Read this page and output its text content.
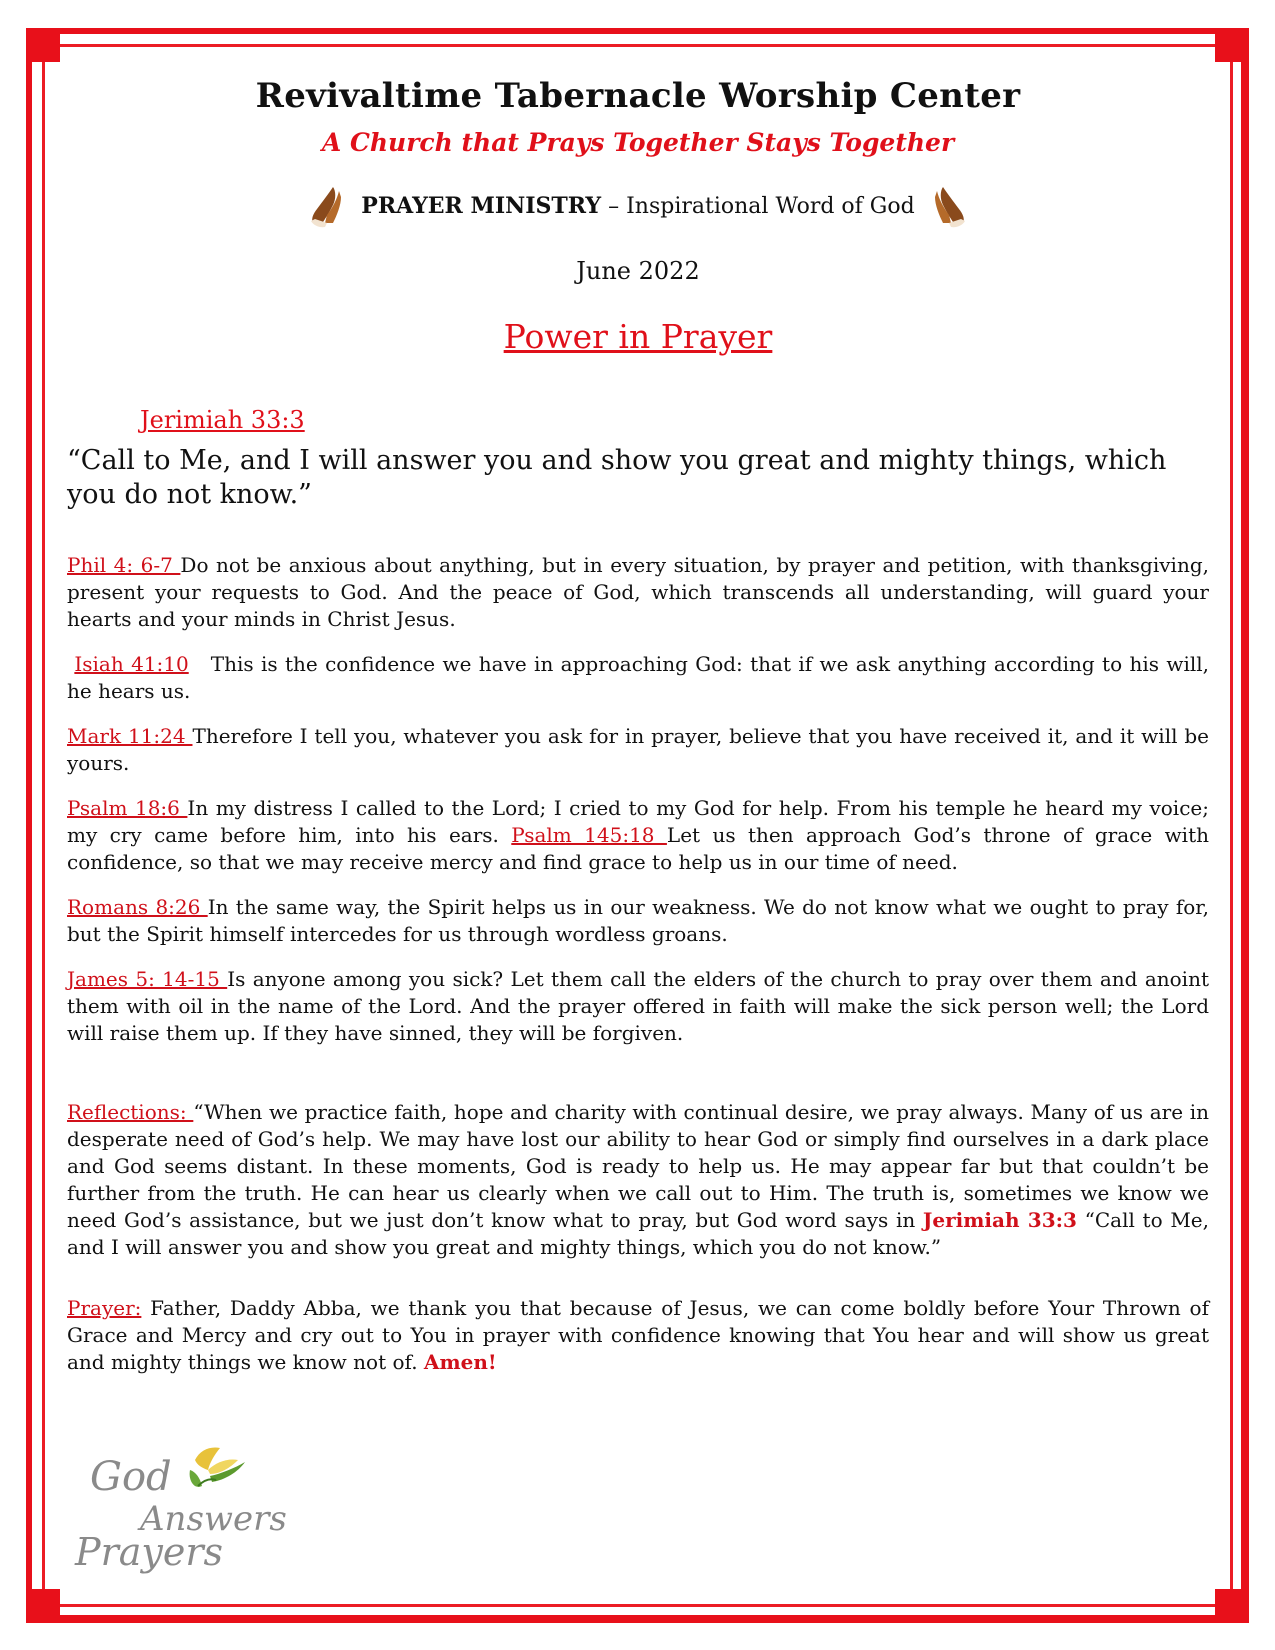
Revivaltime Tabernacle Worship Center
A Church that Prays Together Stays Together
PRAYER MINISTRY – Inspirational Word of God
June 2022
Power in Prayer
Jerimiah 33:3
“Call to Me, and I will answer you and show you great and mighty things, which you do not know.”
Phil 4: 6-7 Do not be anxious about anything, but in every situation, by prayer and petition, with thanksgiving, present your requests to God. And the peace of God, which transcends all understanding, will guard your hearts and your minds in Christ Jesus.
Isiah 41:10 This is the confidence we have in approaching God: that if we ask anything according to his will, he hears us.
Mark 11:24 Therefore I tell you, whatever you ask for in prayer, believe that you have received it, and it will be yours.
Psalm 18:6 In my distress I called to the Lord; I cried to my God for help. From his temple he heard my voice; my cry came before him, into his ears. Psalm 145:18 Let us then approach God’s throne of grace with confidence, so that we may receive mercy and find grace to help us in our time of need.
Romans 8:26 In the same way, the Spirit helps us in our weakness. We do not know what we ought to pray for, but the Spirit himself intercedes for us through wordless groans.
James 5: 14-15 Is anyone among you sick? Let them call the elders of the church to pray over them and anoint them with oil in the name of the Lord. And the prayer offered in faith will make the sick person well; the Lord will raise them up. If they have sinned, they will be forgiven.
Reflections: “When we practice faith, hope and charity with continual desire, we pray always. Many of us are in desperate need of God’s help. We may have lost our ability to hear God or simply find ourselves in a dark place and God seems distant. In these moments, God is ready to help us. He may appear far but that couldn’t be further from the truth. He can hear us clearly when we call out to Him. The truth is, sometimes we know we need God’s assistance, but we just don’t know what to pray, but God word says in Jerimiah 33:3 “Call to Me, and I will answer you and show you great and mighty things, which you do not know.”
Prayer: Father, Daddy Abba, we thank you that because of Jesus, we can come boldly before Your Thrown of Grace and Mercy and cry out to You in prayer with confidence knowing that You hear and will show us great and mighty things we know not of. Amen!
God
Answers
Prayers
